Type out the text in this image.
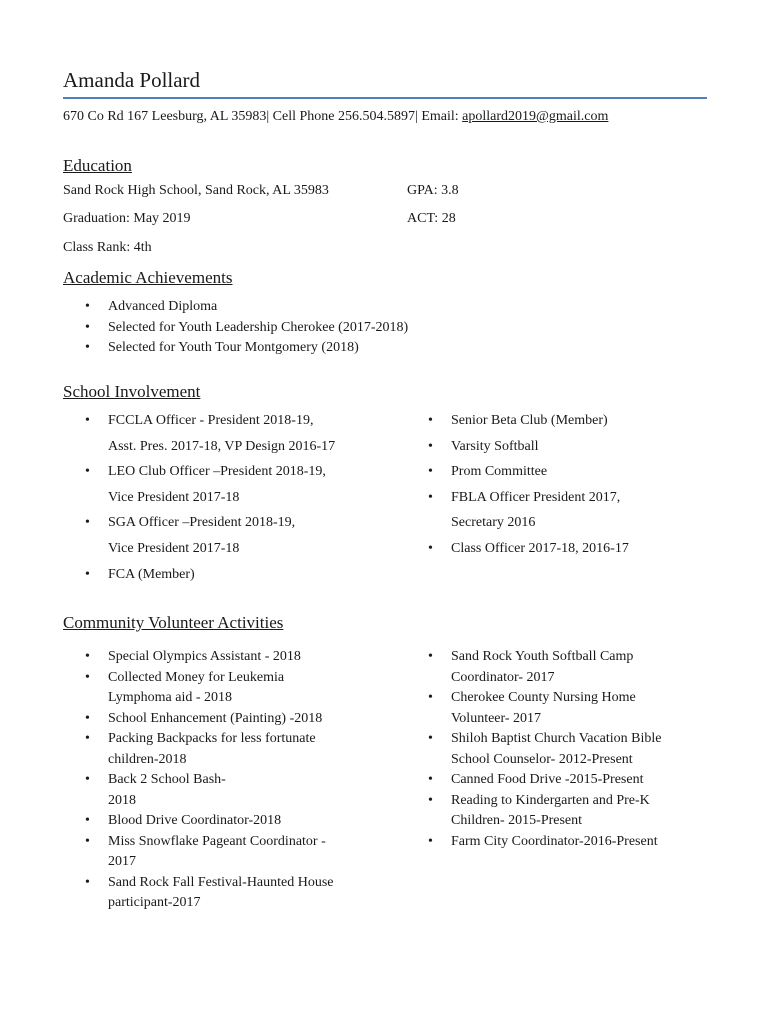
Amanda Pollard
670 Co Rd 167 Leesburg, AL 35983| Cell Phone 256.504.5897| Email: apollard2019@gmail.com
Education
Sand Rock High School, Sand Rock, AL 35983	GPA: 3.8
Graduation: May 2019	ACT: 28
Class Rank: 4th
Academic Achievements
• Advanced Diploma
• Selected for Youth Leadership Cherokee (2017-2018)
• Selected for Youth Tour Montgomery (2018)
School Involvement
• FCCLA Officer - President 2018-19,
Asst. Pres. 2017-18, VP Design 2016-17
• LEO Club Officer –President 2018-19,
Vice President 2017-18
• SGA Officer –President 2018-19,
Vice President 2017-18
• FCA (Member)
• Senior Beta Club (Member)
• Varsity Softball
• Prom Committee
• FBLA Officer President 2017,
Secretary 2016
• Class Officer 2017-18, 2016-17
Community Volunteer Activities
• Special Olympics Assistant - 2018
• Collected Money for Leukemia
Lymphoma aid - 2018
• School Enhancement (Painting) -2018
• Packing Backpacks for less fortunate
children-2018
• Back 2 School Bash-
2018
• Blood Drive Coordinator-2018
• Miss Snowflake Pageant Coordinator -
2017
• Sand Rock Fall Festival-Haunted House
participant-2017
• Sand Rock Youth Softball Camp
Coordinator- 2017
• Cherokee County Nursing Home
Volunteer- 2017
• Shiloh Baptist Church Vacation Bible
School Counselor- 2012-Present
• Canned Food Drive -2015-Present
• Reading to Kindergarten and Pre-K
Children- 2015-Present
• Farm City Coordinator-2016-Present
